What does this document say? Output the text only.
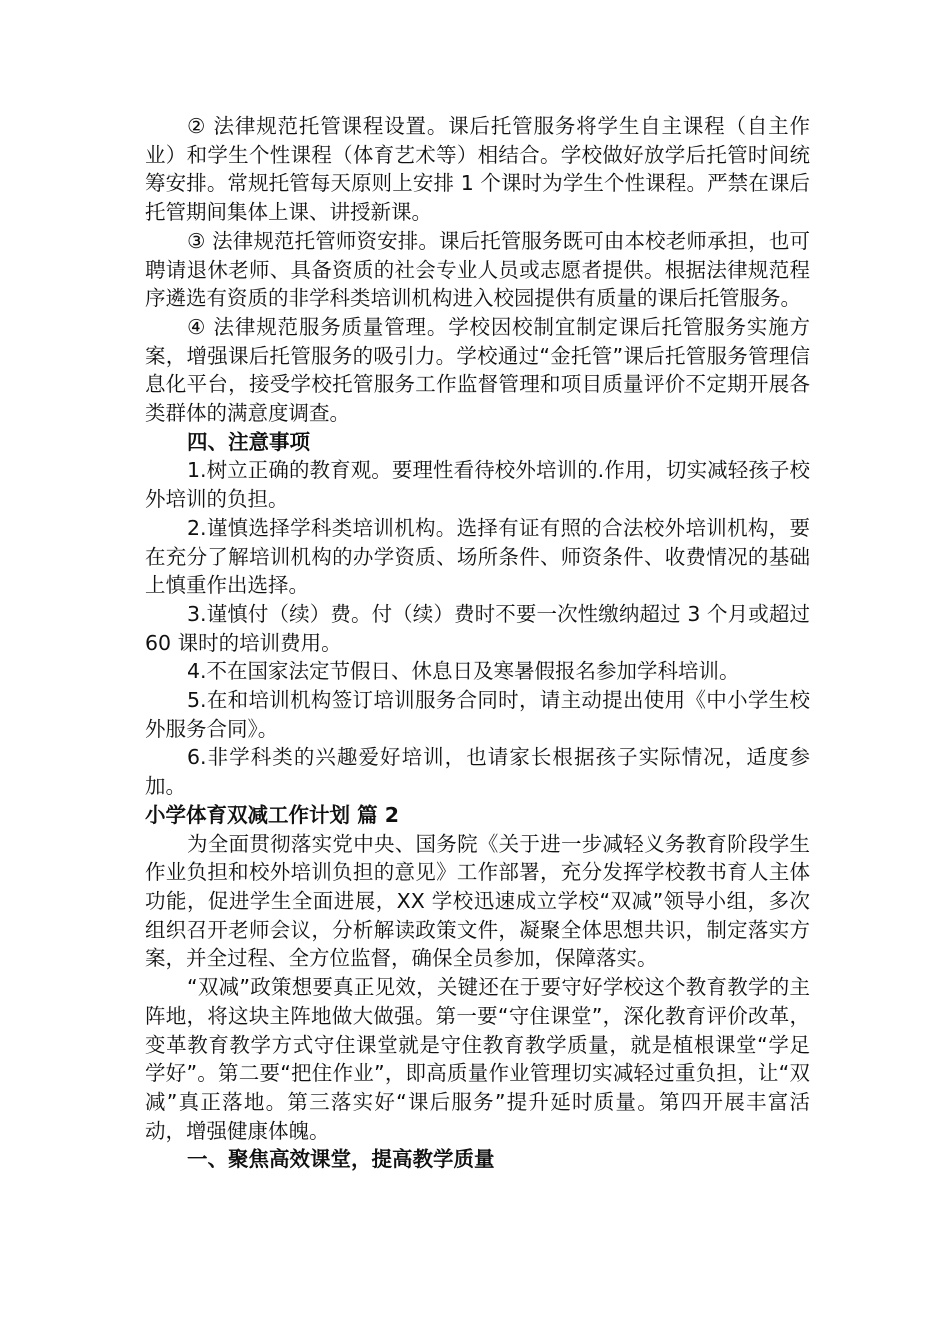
② 法律规范托管课程设置。课后托管服务将学生自主课程（自主作业）和学生个性课程（体育艺术等）相结合。学校做好放学后托管时间统筹安排。常规托管每天原则上安排 1 个课时为学生个性课程。严禁在课后托管期间集体上课、讲授新课。

③ 法律规范托管师资安排。课后托管服务既可由本校老师承担，也可聘请退休老师、具备资质的社会专业人员或志愿者提供。根据法律规范程序遴选有资质的非学科类培训机构进入校园提供有质量的课后托管服务。

④ 法律规范服务质量管理。学校因校制宜制定课后托管服务实施方案，增强课后托管服务的吸引力。学校通过“金托管”课后托管服务管理信息化平台，接受学校托管服务工作监督管理和项目质量评价不定期开展各类群体的满意度调查。

四、注意事项

1.树立正确的教育观。要理性看待校外培训的.作用，切实减轻孩子校外培训的负担。

2.谨慎选择学科类培训机构。选择有证有照的合法校外培训机构，要在充分了解培训机构的办学资质、场所条件、师资条件、收费情况的基础上慎重作出选择。

3.谨慎付（续）费。付（续）费时不要一次性缴纳超过 3 个月或超过 60 课时的培训费用。

4.不在国家法定节假日、休息日及寒暑假报名参加学科培训。

5.在和培训机构签订培训服务合同时，请主动提出使用《中小学生校外服务合同》。

6.非学科类的兴趣爱好培训，也请家长根据孩子实际情况，适度参加。

小学体育双减工作计划 篇 2

为全面贯彻落实党中央、国务院《关于进一步减轻义务教育阶段学生作业负担和校外培训负担的意见》工作部署，充分发挥学校教书育人主体功能，促进学生全面进展，XX 学校迅速成立学校“双减”领导小组，多次组织召开老师会议，分析解读政策文件，凝聚全体思想共识，制定落实方案，并全过程、全方位监督，确保全员参加，保障落实。

“双减”政策想要真正见效，关键还在于要守好学校这个教育教学的主阵地，将这块主阵地做大做强。第一要“守住课堂”，深化教育评价改革，变革教育教学方式守住课堂就是守住教育教学质量，就是植根课堂“学足学好”。第二要“把住作业”，即高质量作业管理切实减轻过重负担，让“双减”真正落地。第三落实好“课后服务”提升延时质量。第四开展丰富活动，增强健康体魄。

一、聚焦高效课堂，提高教学质量
